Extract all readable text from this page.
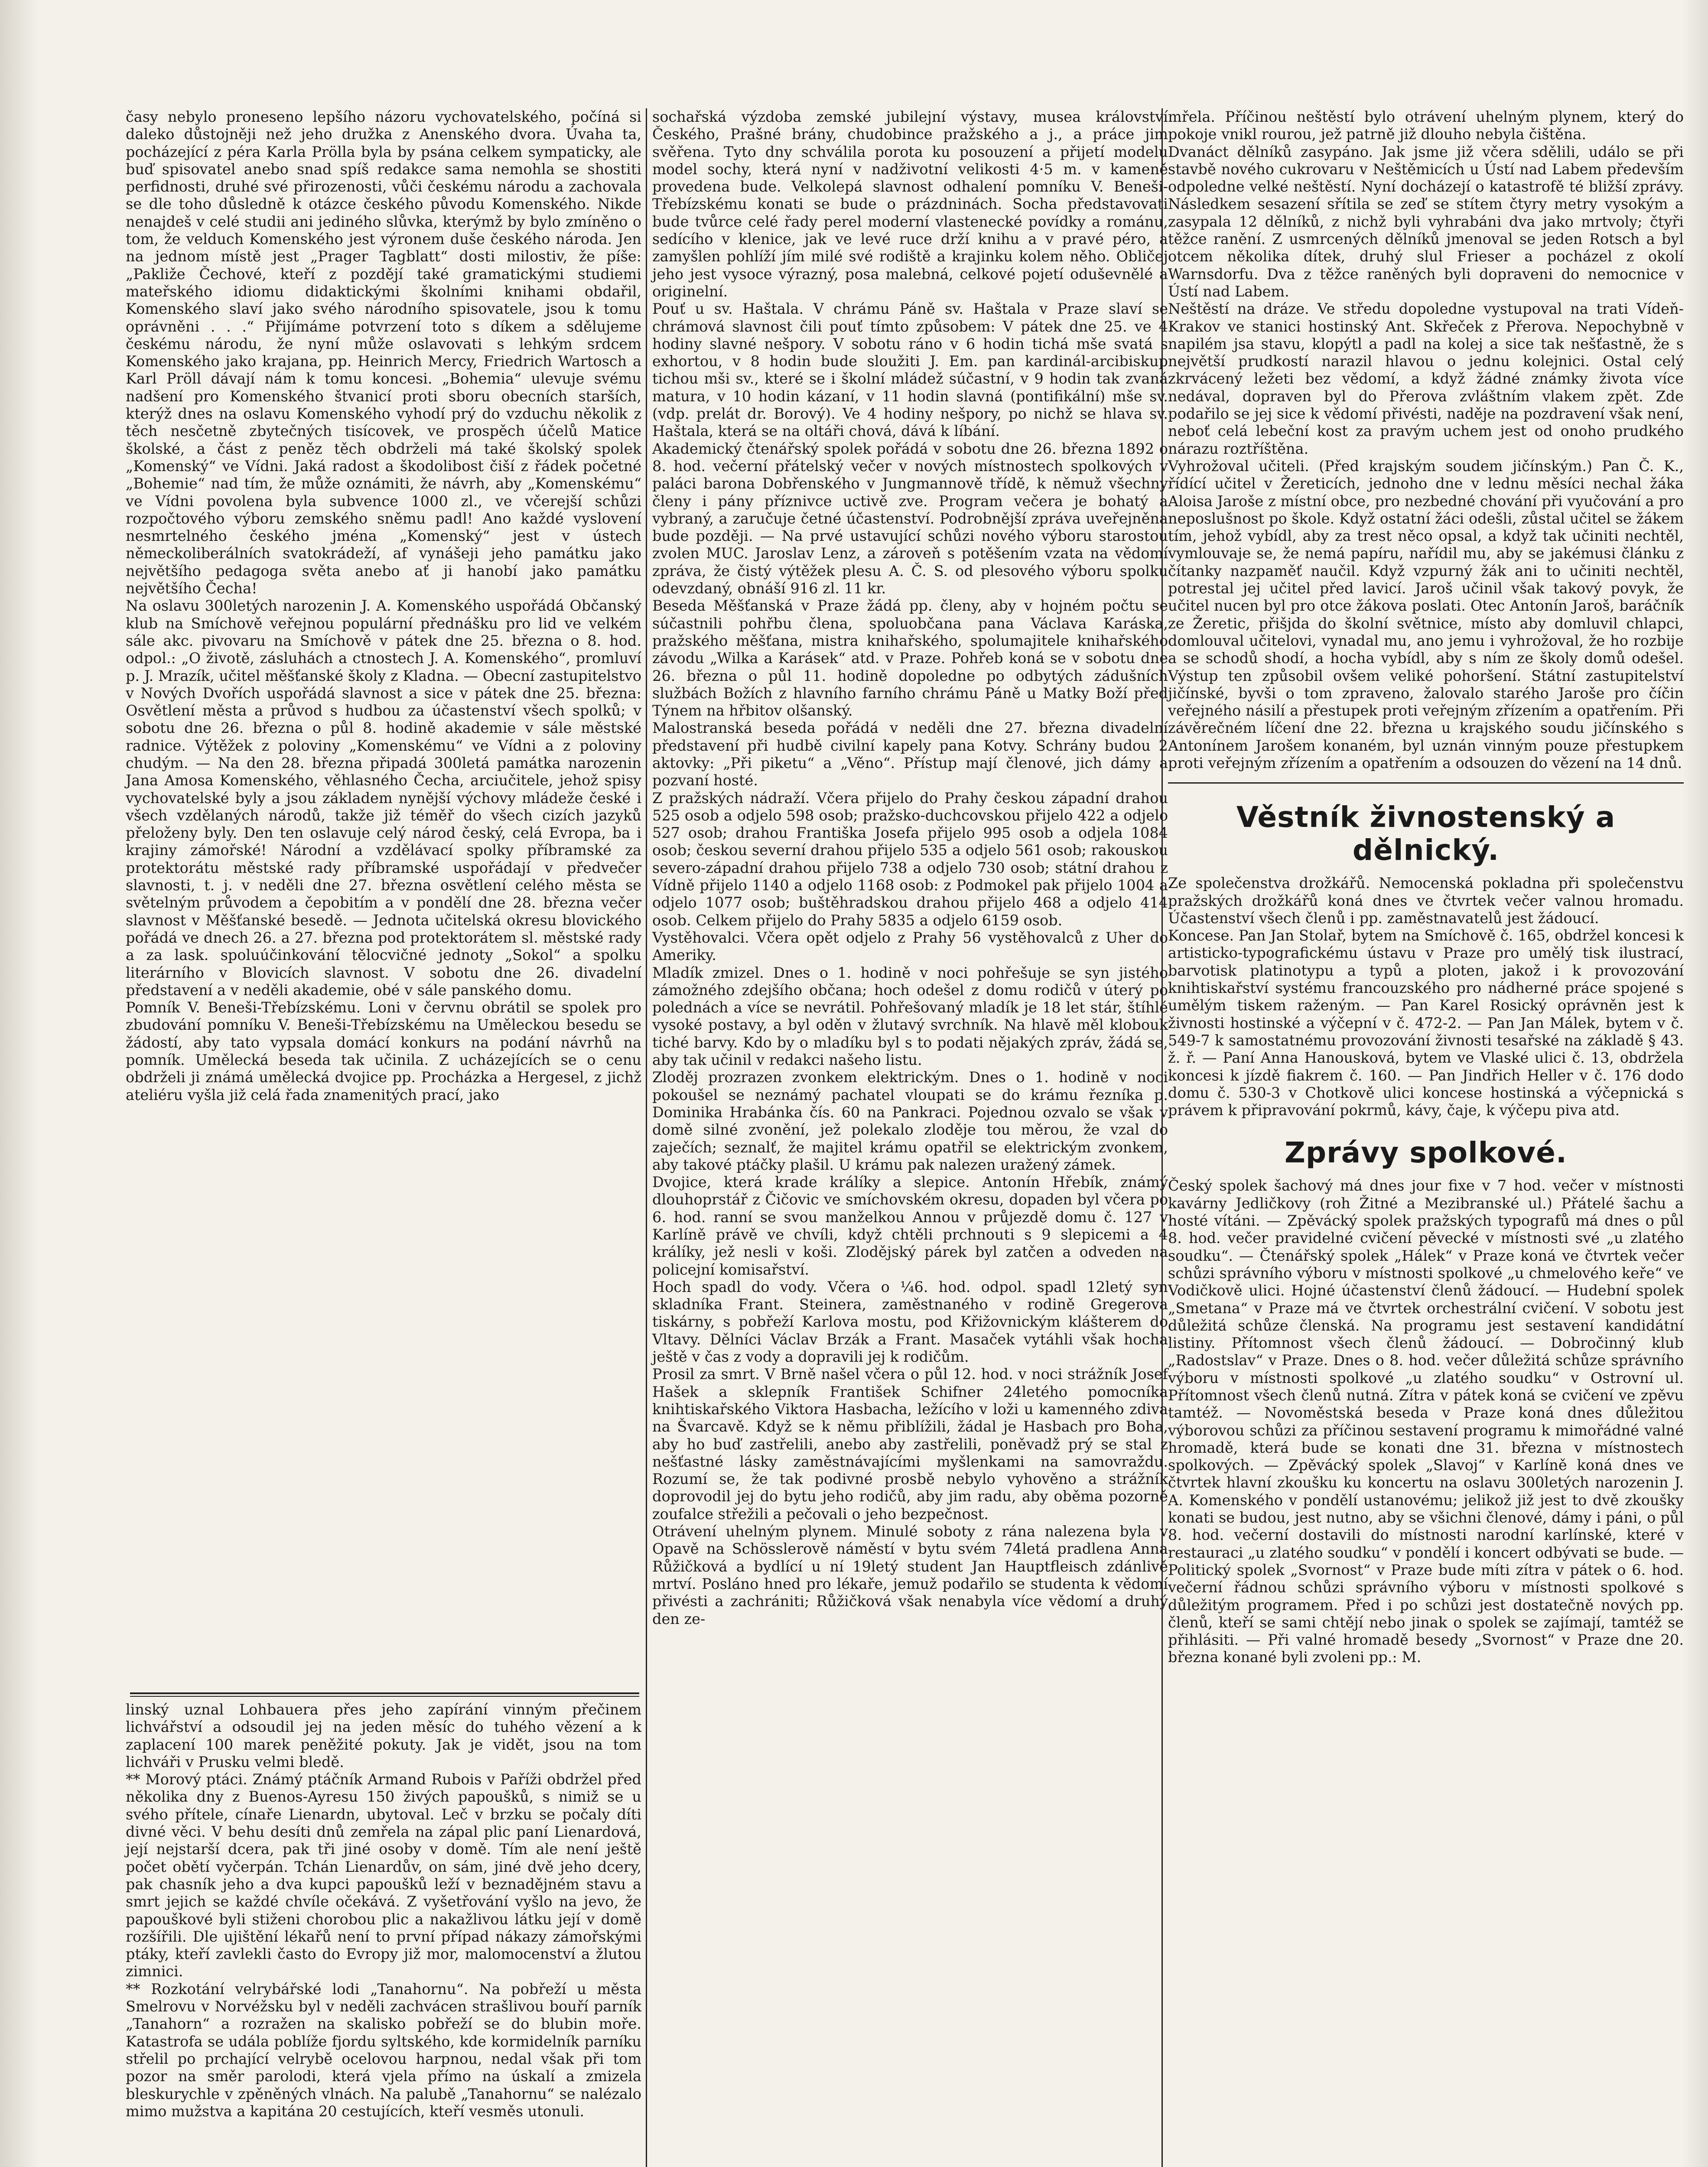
časy nebylo proneseno lepšího názoru vychovatelského, počíná si daleko důstojněji než jeho družka z Anenského dvora. Úvaha ta, pocházející z péra Karla Prölla byla by psána celkem sympaticky, ale buď spisovatel anebo snad spíš redakce sama nemohla se shostiti perfidnosti, druhé své přirozenosti, vůči českému národu a zachovala se dle toho důsledně k otázce českého původu Komenského. Nikde nenajdeš v celé studii ani jediného slůvka, kterýmž by bylo zmíněno o tom, že velduch Komenského jest výronem duše českého národa. Jen na jednom místě jest „Prager Tagblatt“ dosti milostiv, že píše: „Pakliže Čechové, kteří z pozdějí také gramatickými studiemi mateřského idiomu didaktickými školními knihami obdařil, Komenského slaví jako svého národního spisovatele, jsou k tomu oprávněni . . .“ Přijímáme potvrzení toto s díkem a sdělujeme českému národu, že nyní může oslavovati s lehkým srdcem Komenského jako krajana, pp. Heinrich Mercy, Friedrich Wartosch a Karl Pröll dávají nám k tomu koncesi. „Bohemia“ ulevuje svému nadšení pro Komenského štvanicí proti sboru obecních starších, kterýž dnes na oslavu Komenského vyhodí prý do vzduchu několik z těch nesčetně zbytečných tisícovek, ve prospěch účelů Matice školské, a část z peněz těch obdrželi má také školský spolek „Komenský“ ve Vídni. Jaká radost a škodolibost čiší z řádek početné „Bohemie“ nad tím, že může oznámiti, že návrh, aby „Komenskému“ ve Vídni povolena byla subvence 1000 zl., ve včerejší schůzi rozpočtového výboru zemského sněmu padl! Ano každé vyslovení nesmrtelného českého jména „Komenský“ jest v ústech německoliberálních svatokrádeží, af vynášeji jeho památku jako největšího pedagoga světa anebo ať ji hanobí jako památku největšího Čecha!

Na oslavu 300letých narozenin J. A. Komenského uspořádá Občanský klub na Smíchově veřejnou populární přednášku pro lid ve velkém sále akc. pivovaru na Smíchově v pátek dne 25. března o 8. hod. odpol.: „O životě, zásluhách a ctnostech J. A. Komenského“, promluví p. J. Mrazík, učitel měšťanské školy z Kladna. — Obecní zastupitelstvo v Nových Dvořích uspořádá slavnost a sice v pátek dne 25. března: Osvětlení města a průvod s hudbou za účastenství všech spolků; v sobotu dne 26. března o půl 8. hodině akademie v sále městské radnice. Výtěžek z poloviny „Komenskému“ ve Vídni a z poloviny chudým. — Na den 28. března připadá 300letá památka narozenin Jana Amosa Komenského, věhlasného Čecha, arciučitele, jehož spisy vychovatelské byly a jsou základem nynější výchovy mládeže české i všech vzdělaných národů, takže již téměř do všech cizích jazyků přeloženy byly. Den ten oslavuje celý národ český, celá Evropa, ba i krajiny zámořské! Národní a vzdělávací spolky příbramské za protektorátu městské rady příbramské uspořádají v předvečer slavnosti, t. j. v neděli dne 27. března osvětlení celého města se světelným průvodem a čepobitím a v pondělí dne 28. března večer slavnost v Měšťanské besedě. — Jednota učitelská okresu blovického pořádá ve dnech 26. a 27. března pod protektorátem sl. městské rady a za lask. spoluúčinkování tělocvičné jednoty „Sokol“ a spolku literárního v Blovicích slavnost. V sobotu dne 26. divadelní představení a v neděli akademie, obé v sále panského domu.

Pomník V. Beneši-Třebízskému. Loni v červnu obrátil se spolek pro zbudování pomníku V. Beneši-Třebízskému na Uměleckou besedu se žádostí, aby tato vypsala domácí konkurs na podání návrhů na pomník. Umělecká beseda tak učinila. Z ucházejících se o cenu obdrželi ji známá umělecká dvojice pp. Procházka a Hergesel, z jichž ateliéru vyšla již celá řada znamenitých prací, jako

linský uznal Lohbauera přes jeho zapírání vinným přečinem lichvářství a odsoudil jej na jeden měsíc do tuhého vězení a k zaplacení 100 marek peněžité pokuty. Jak je vidět, jsou na tom lichváři v Prusku velmi bledě.

** Morový ptáci. Známý ptáčník Armand Rubois v Paříži obdržel před několika dny z Buenos-Ayresu 150 živých papoušků, s nimiž se u svého přítele, cínaře Lienardn, ubytoval. Leč v brzku se počaly díti divné věci. V behu desíti dnů zemřela na zápal plic paní Lienardová, její nejstarší dcera, pak tři jiné osoby v domě. Tím ale není ještě počet obětí vyčerpán. Tchán Lienardův, on sám, jiné dvě jeho dcery, pak chasník jeho a dva kupci papoušků leží v beznadějném stavu a smrt jejich se každé chvíle očekává. Z vyšetřování vyšlo na jevo, že papouškové byli stiženi chorobou plic a nakažlivou látku její v domě rozšířili. Dle ujištění lékařů není to první případ nákazy zámořskými ptáky, kteří zavlekli často do Evropy již mor, malomocenství a žlutou zimnici.

** Rozkotání velrybářské lodi „Tanahornu“. Na pobřeží u města Smelrovu v Norvéžsku byl v neděli zachvácen strašlivou bouří parník „Tanahorn“ a rozražen na skalisko pobřeží se do blubin moře. Katastrofa se udála poblíže fjordu syltského, kde kormidelník parníku střelil po prchající velrybě ocelovou harpnou, nedal však při tom pozor na směr parolodi, která vjela přímo na úskalí a zmizela bleskurychle v zpěněných vlnách. Na palubě „Tanahornu“ se nalézalo mimo mužstva a kapitána 20 cestujících, kteří vesměs utonuli.

sochařská výzdoba zemské jubilejní výstavy, musea království Českého, Prašné brány, chudobince pražského a j., a práce jim svěřena. Tyto dny schválila porota ku posouzení a přijetí modelu model sochy, která nyní v nadživotní velikosti 4·5 m. v kameně provedena bude. Velkolepá slavnost odhalení pomníku V. Beneši-Třebízskému konati se bude o prázdninách. Socha představovati bude tvůrce celé řady perel moderní vlastenecké povídky a románu, sedícího v klenice, jak ve levé ruce drží knihu a v pravé péro, a zamyšlen pohlíží jím milé své rodiště a krajinku kolem něho. Obličej jeho jest vysoce výrazný, posa malebná, celkové pojetí oduševnělé a originelní.

Pouť u sv. Haštala. V chrámu Páně sv. Haštala v Praze slaví se chrámová slavnost čili pouť tímto způsobem: V pátek dne 25. ve 4 hodiny slavné nešpory. V sobotu ráno v 6 hodin tichá mše svatá s exhortou, v 8 hodin bude sloužiti J. Em. pan kardinál-arcibiskup tichou mši sv., které se i školní mládež súčastní, v 9 hodin tak zvaná matura, v 10 hodin kázaní, v 11 hodin slavná (pontifikální) mše sv. (vdp. prelát dr. Borový). Ve 4 hodiny nešpory, po nichž se hlava sv. Haštala, která se na oltáři chová, dává k líbání.

Akademický čtenářský spolek pořádá v sobotu dne 26. března 1892 o 8. hod. večerní přátelský večer v nových místnostech spolkových v paláci barona Dobřenského v Jungmannově třídě, k němuž všechny členy i pány příznivce uctivě zve. Program večera je bohatý a vybraný, a zaručuje četné účastenství. Podrobnější zpráva uveřejněna bude později. — Na prvé ustavující schůzi nového výboru starostou zvolen MUC. Jaroslav Lenz, a zároveň s potěšením vzata na vědomí zpráva, že čistý výtěžek plesu A. Č. S. od plesového výboru spolku odevzdaný, obnáší 916 zl. 11 kr.

Beseda Měšťanská v Praze žádá pp. členy, aby v hojném počtu se súčastnili pohřbu člena, spoluobčana pana Václava Karáska, pražského měšťana, mistra knihařského, spolumajitele knihařského závodu „Wilka a Karásek“ atd. v Praze. Pohřeb koná se v sobotu dne 26. března o půl 11. hodině dopoledne po odbytých zádušních službách Božích z hlavního farního chrámu Páně u Matky Boží před Týnem na hřbitov olšanský.

Malostranská beseda pořádá v neděli dne 27. března divadelní představení při hudbě civilní kapely pana Kotvy. Schrány budou 2 aktovky: „Při piketu“ a „Věno“. Přístup mají členové, jich dámy a pozvaní hosté.

Z pražských nádraží. Včera přijelo do Prahy českou západní drahou 525 osob a odjelo 598 osob; pražsko-duchcovskou přijelo 422 a odjelo 527 osob; drahou Františka Josefa přijelo 995 osob a odjela 1084 osob; českou severní drahou přijelo 535 a odjelo 561 osob; rakouskou severo-západní drahou přijelo 738 a odjelo 730 osob; státní drahou z Vídně přijelo 1140 a odjelo 1168 osob: z Podmokel pak přijelo 1004 a odjelo 1077 osob; buštěhradskou drahou přijelo 468 a odjelo 414 osob. Celkem přijelo do Prahy 5835 a odjelo 6159 osob.

Vystěhovalci. Včera opět odjelo z Prahy 56 vystěhovalců z Uher do Ameriky.

Mladík zmizel. Dnes o 1. hodině v noci pohřešuje se syn jistého zámožného zdejšího občana; hoch odešel z domu rodičů v úterý po polednách a více se nevrátil. Pohřešovaný mladík je 18 let stár, štíhlé vysoké postavy, a byl oděn v žlutavý svrchník. Na hlavě měl klobouk tiché barvy. Kdo by o mladíku byl s to podati nějakých zpráv, žádá se, aby tak učinil v redakci našeho listu.

Zloděj prozrazen zvonkem elektrickým. Dnes o 1. hodině v noci pokoušel se neznámý pachatel vloupati se do krámu řezníka p. Dominika Hrabánka čís. 60 na Pankraci. Pojednou ozvalo se však v domě silné zvonění, jež polekalo zloděje tou měrou, že vzal do zaječích; seznalť, že majitel krámu opatřil se elektrickým zvonkem, aby takové ptáčky plašil. U krámu pak nalezen uražený zámek.

Dvojice, která krade králíky a slepice. Antonín Hřebík, známý dlouhoprstář z Čičovic ve smíchovském okresu, dopaden byl včera po 6. hod. ranní se svou manželkou Annou v průjezdě domu č. 127 v Karlíně právě ve chvíli, když chtěli prchnouti s 9 slepicemi a 4 králíky, jež nesli v koši. Zlodějský párek byl zatčen a odveden na policejní komisařství.

Hoch spadl do vody. Včera o ¼6. hod. odpol. spadl 12letý syn skladníka Frant. Steinera, zaměstnaného v rodině Gregerova tiskárny, s pobřeží Karlova mostu, pod Křižovnickým klášterem do Vltavy. Dělníci Václav Brzák a Frant. Masaček vytáhli však hocha ještě v čas z vody a dopravili jej k rodičům.

Prosil za smrt. V Brně našel včera o půl 12. hod. v noci strážník Josef Hašek a sklepník František Schifner 24letého pomocníka knihtiskařského Viktora Hasbacha, ležícího v loži u kamenného zdiva na Švarcavě. Když se k němu přiblížili, žádal je Hasbach pro Boha, aby ho buď zastřelili, anebo aby zastřelili, poněvadž prý se stal z nešťastné lásky zaměstnávajícími myšlenkami na samovraždu. Rozumí se, že tak podivné prosbě nebylo vyhověno a strážník doprovodil jej do bytu jeho rodičů, aby jim radu, aby oběma pozorně zoufalce střežili a pečovali o jeho bezpečnost.

Otrávení uhelným plynem. Minulé soboty z rána nalezena byla v Opavě na Schösslerově náměstí v bytu svém 74letá pradlena Anna Růžičková a bydlící u ní 19letý student Jan Hauptfleisch zdánlivě mrtví. Posláno hned pro lékaře, jemuž podařilo se studenta k vědomí přivésti a zachrániti; Růžičková však nenabyla více vědomí a druhý den ze-

mřela. Příčinou neštěstí bylo otrávení uhelným plynem, který do pokoje vnikl rourou, jež patrně již dlouho nebyla čištěna.

Dvanáct dělníků zasypáno. Jak jsme již včera sdělili, událo se při stavbě nového cukrovaru v Neštěmicích u Ústí nad Labem především odpoledne velké neštěstí. Nyní docházejí o katastrofě té bližší zprávy. Následkem sesazení sřítila se zeď se stítem čtyry metry vysokým a zasypala 12 dělníků, z nichž byli vyhrabáni dva jako mrtvoly; čtyři těžce ranění. Z usmrcených dělníků jmenoval se jeden Rotsch a byl otcem několika dítek, druhý slul Frieser a pocházel z okolí Warnsdorfu. Dva z těžce raněných byli dopraveni do nemocnice v Ústí nad Labem.

Neštěstí na dráze. Ve středu dopoledne vystupoval na trati Vídeň-Krakov ve stanici hostinský Ant. Skřeček z Přerova. Nepochybně v napilém jsa stavu, klopýtl a padl na kolej a sice tak nešťastně, že s největší prudkostí narazil hlavou o jednu kolejnici. Ostal celý zkrvácený ležeti bez vědomí, a když žádné známky života více nedával, dopraven byl do Přerova zvláštním vlakem zpět. Zde podařilo se jej sice k vědomí přivésti, naděje na pozdravení však není, neboť celá lebeční kost za pravým uchem jest od onoho prudkého nárazu roztříštěna.

Vyhrožoval učiteli. (Před krajským soudem jičínským.) Pan Č. K., řídící učitel v Žereticích, jednoho dne v lednu měsíci nechal žáka Aloisa Jaroše z místní obce, pro nezbedné chování při vyučování a pro neposlušnost po škole. Když ostatní žáci odešli, zůstal učitel se žákem tím, jehož vybídl, aby za trest něco opsal, a když tak učiniti nechtěl, vymlouvaje se, že nemá papíru, nařídil mu, aby se jakémusi článku z čítanky nazpaměť naučil. Když vzpurný žák ani to učiniti nechtěl, potrestal jej učitel před lavicí. Jaroš učinil však takový povyk, že učitel nucen byl pro otce žákova poslati. Otec Antonín Jaroš, baráčník ze Žeretic, přišjda do školní světnice, místo aby domluvil chlapci, domlouval učitelovi, vynadal mu, ano jemu i vyhrožoval, že ho rozbije a se schodů shodí, a hocha vybídl, aby s ním ze školy domů odešel. Výstup ten způsobil ovšem veliké pohoršení. Státní zastupitelství jičínské, byvši o tom zpraveno, žalovalo starého Jaroše pro číčin veřejného násilí a přestupek proti veřejným zřízením a opatřením. Při závěrečném líčení dne 22. března u krajského soudu jičínského s Antonínem Jarošem konaném, byl uznán vinným pouze přestupkem proti veřejným zřízením a opatřením a odsouzen do vězení na 14 dnů.

Věstník živnostenský a dělnický.

Ze společenstva drožkářů. Nemocenská pokladna při společenstvu pražských drožkářů koná dnes ve čtvrtek večer valnou hromadu. Účastenství všech členů i pp. zaměstnavatelů jest žádoucí.

Koncese. Pan Jan Stolař, bytem na Smíchově č. 165, obdržel koncesi k artisticko-typografickému ústavu v Praze pro umělý tisk ilustrací, barvotisk platinotypu a typů a ploten, jakož i k provozování knihtiskařství systému francouzského pro nádherné práce spojené s umělým tiskem raženým. — Pan Karel Rosický oprávněn jest k živnosti hostinské a výčepní v č. 472-2. — Pan Jan Málek, bytem v č. 549-7 k samostatnému provozování živnosti tesařské na základě § 43. ž. ř. — Paní Anna Hanousková, bytem ve Vlaské ulici č. 13, obdržela koncesi k jízdě fiakrem č. 160. — Pan Jindřich Heller v č. 176 dodo domu č. 530-3 v Chotkově ulici koncese hostinská a výčepnická s právem k připravování pokrmů, kávy, čaje, k výčepu piva atd.

Zprávy spolkové.

Český spolek šachový má dnes jour fixe v 7 hod. večer v místnosti kavárny Jedličkovy (roh Žitné a Mezibranské ul.) Přátelé šachu a hosté vítáni. — Zpěvácký spolek pražských typografů má dnes o půl 8. hod. večer pravidelné cvičení pěvecké v místnosti své „u zlatého soudku“. — Čtenářský spolek „Hálek“ v Praze koná ve čtvrtek večer schůzi správního výboru v místnosti spolkové „u chmelového keře“ ve Vodičkově ulici. Hojné účastenství členů žádoucí. — Hudební spolek „Smetana“ v Praze má ve čtvrtek orchestrální cvičení. V sobotu jest důležitá schůze členská. Na programu jest sestavení kandidátní listiny. Přítomnost všech členů žádoucí. — Dobročinný klub „Radostslav“ v Praze. Dnes o 8. hod. večer důležitá schůze správního výboru v místnosti spolkové „u zlatého soudku“ v Ostrovní ul. Přítomnost všech členů nutná. Zítra v pátek koná se cvičení ve zpěvu tamtéž. — Novoměstská beseda v Praze koná dnes důležitou výborovou schůzi za příčinou sestavení programu k mimořádné valné hromadě, která bude se konati dne 31. března v místnostech spolkových. — Zpěvácký spolek „Slavoj“ v Karlíně koná dnes ve čtvrtek hlavní zkoušku ku koncertu na oslavu 300letých narozenin J. A. Komenského v pondělí ustanovému; jelikož již jest to dvě zkoušky konati se budou, jest nutno, aby se všichni členové, dámy i páni, o půl 8. hod. večerní dostavili do místnosti narodní karlínské, které v restauraci „u zlatého soudku“ v pondělí i koncert odbývati se bude. — Politický spolek „Svornost“ v Praze bude míti zítra v pátek o 6. hod. večerní řádnou schůzi správního výboru v místnosti spolkové s důležitým programem. Před i po schůzi jest dostatečně nových pp. členů, kteří se sami chtějí nebo jinak o spolek se zajímají, tamtéž se přihlásiti. — Při valné hromadě besedy „Svornost“ v Praze dne 20. března konané byli zvoleni pp.: M.
